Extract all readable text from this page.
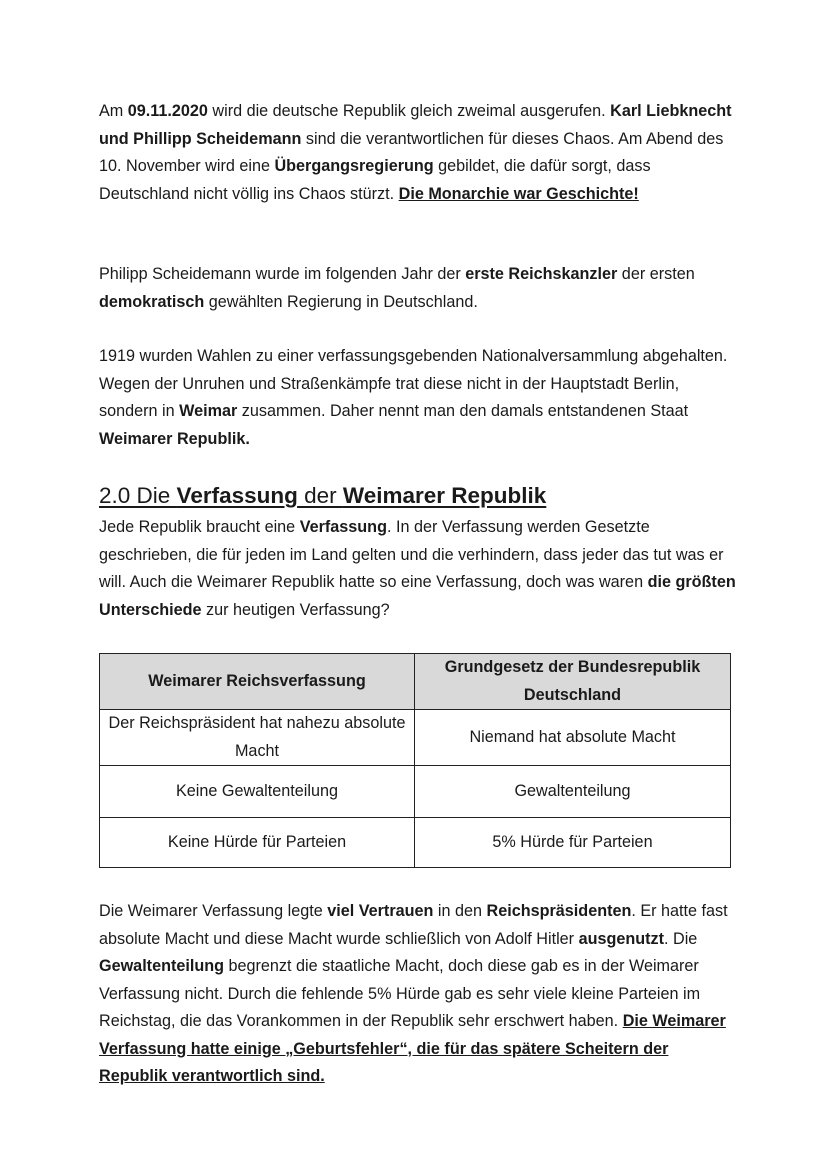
Am 09.11.2020 wird die deutsche Republik gleich zweimal ausgerufen. Karl Liebknecht und Phillipp Scheidemann sind die verantwortlichen für dieses Chaos. Am Abend des 10. November wird eine Übergangsregierung gebildet, die dafür sorgt, dass Deutschland nicht völlig ins Chaos stürzt. Die Monarchie war Geschichte!

Philipp Scheidemann wurde im folgenden Jahr der erste Reichskanzler der ersten demokratisch gewählten Regierung in Deutschland.

1919 wurden Wahlen zu einer verfassungsgebenden Nationalversammlung abgehalten. Wegen der Unruhen und Straßenkämpfe trat diese nicht in der Hauptstadt Berlin, sondern in Weimar zusammen. Daher nennt man den damals entstandenen Staat Weimarer Republik.

2.0 Die Verfassung der Weimarer Republik

Jede Republik braucht eine Verfassung. In der Verfassung werden Gesetzte geschrieben, die für jeden im Land gelten und die verhindern, dass jeder das tut was er will. Auch die Weimarer Republik hatte so eine Verfassung, doch was waren die größten Unterschiede zur heutigen Verfassung?

Weimarer Reichsverfassung	Grundgesetz der Bundesrepublik Deutschland
Der Reichspräsident hat nahezu absolute Macht	Niemand hat absolute Macht
Keine Gewaltenteilung	Gewaltenteilung
Keine Hürde für Parteien	5% Hürde für Parteien

Die Weimarer Verfassung legte viel Vertrauen in den Reichspräsidenten. Er hatte fast absolute Macht und diese Macht wurde schließlich von Adolf Hitler ausgenutzt. Die Gewaltenteilung begrenzt die staatliche Macht, doch diese gab es in der Weimarer Verfassung nicht. Durch die fehlende 5% Hürde gab es sehr viele kleine Parteien im Reichstag, die das Vorankommen in der Republik sehr erschwert haben. Die Weimarer Verfassung hatte einige „Geburtsfehler“, die für das spätere Scheitern der Republik verantwortlich sind.
